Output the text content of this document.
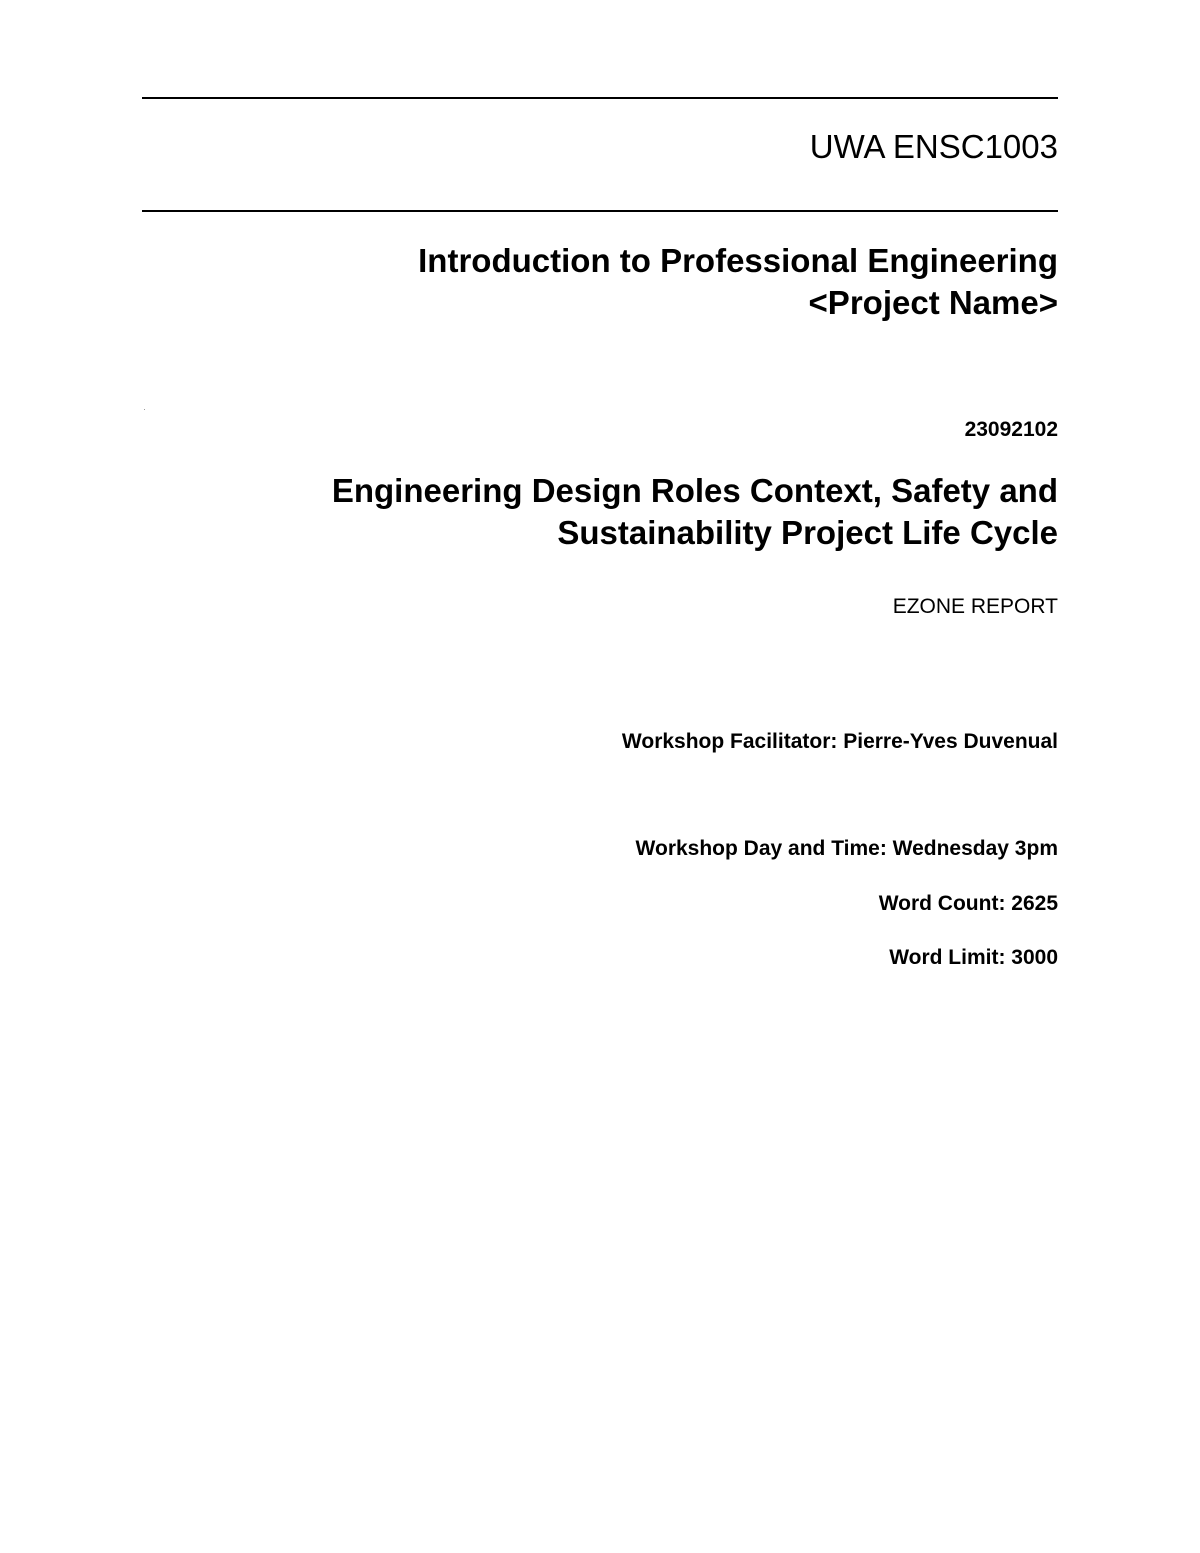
UWA ENSC1003
Introduction to Professional Engineering
<Project Name>
23092102
Engineering Design Roles Context, Safety and
Sustainability Project Life Cycle
EZONE REPORT
Workshop Facilitator: Pierre-Yves Duvenual
Workshop Day and Time: Wednesday 3pm
Word Count: 2625
Word Limit: 3000
